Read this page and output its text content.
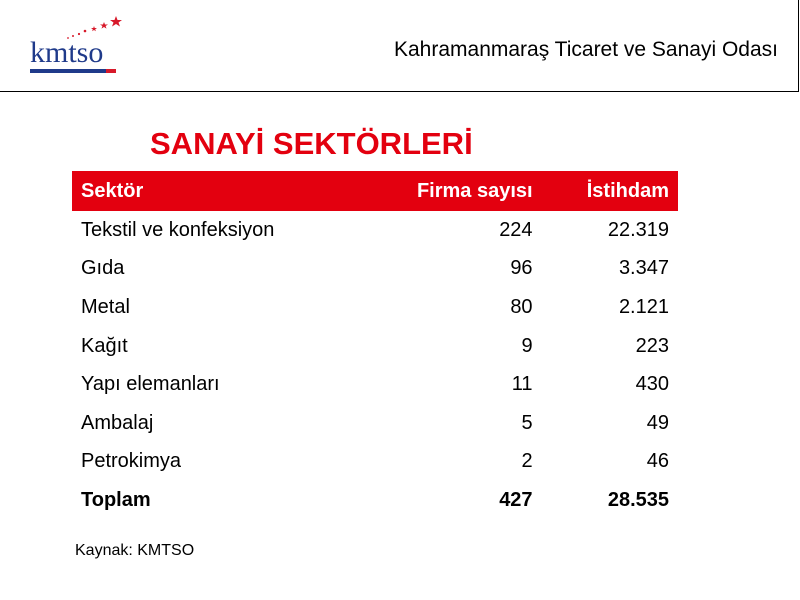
kmtso	Kahramanmaraş Ticaret ve Sanayi Odası
SANAYİ SEKTÖRLERİ
Sektör	Firma sayısı	İstihdam
Tekstil ve konfeksiyon	224	22.319
Gıda	96	3.347
Metal	80	2.121
Kağıt	9	223
Yapı elemanları	11	430
Ambalaj	5	49
Petrokimya	2	46
Toplam	427	28.535
Kaynak: KMTSO
